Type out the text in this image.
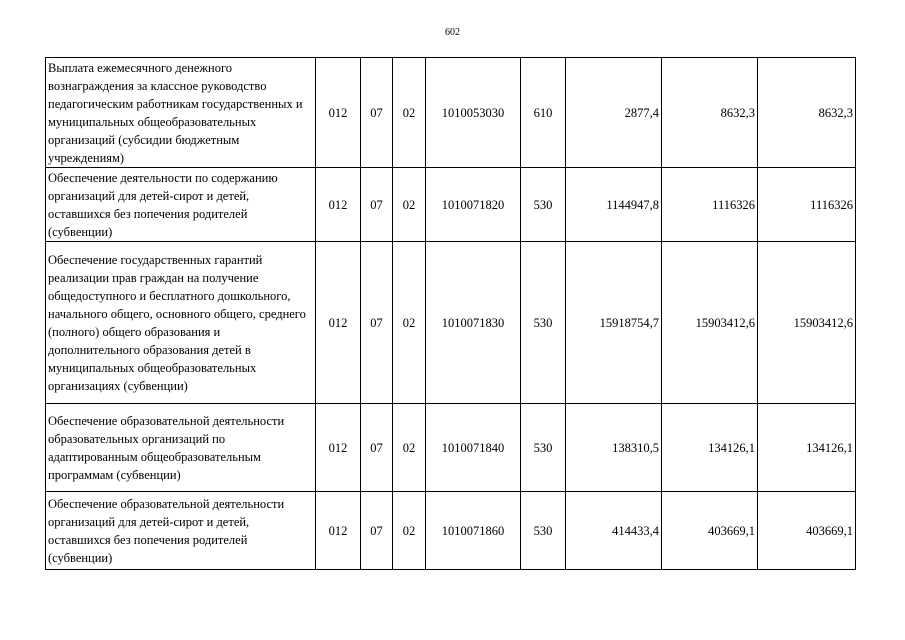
602
Выплата ежемесячного денежного вознаграждения за классное руководство педагогическим работникам государственных и муниципальных общеобразовательных организаций (субсидии бюджетным учреждениям)	012	07	02	1010053030	610	2877,4	8632,3	8632,3
Обеспечение деятельности по содержанию организаций для детей-сирот и детей, оставшихся без попечения родителей (субвенции)	012	07	02	1010071820	530	1144947,8	1116326	1116326
Обеспечение государственных гарантий реализации прав граждан на получение общедоступного и бесплатного дошкольного, начального общего, основного общего, среднего (полного) общего образования и дополнительного образования детей в муниципальных общеобразовательных организациях (субвенции)	012	07	02	1010071830	530	15918754,7	15903412,6	15903412,6
Обеспечение образовательной деятельности образовательных организаций по адаптированным общеобразовательным программам (субвенции)	012	07	02	1010071840	530	138310,5	134126,1	134126,1
Обеспечение образовательной деятельности организаций для детей-сирот и детей, оставшихся без попечения родителей (субвенции)	012	07	02	1010071860	530	414433,4	403669,1	403669,1
